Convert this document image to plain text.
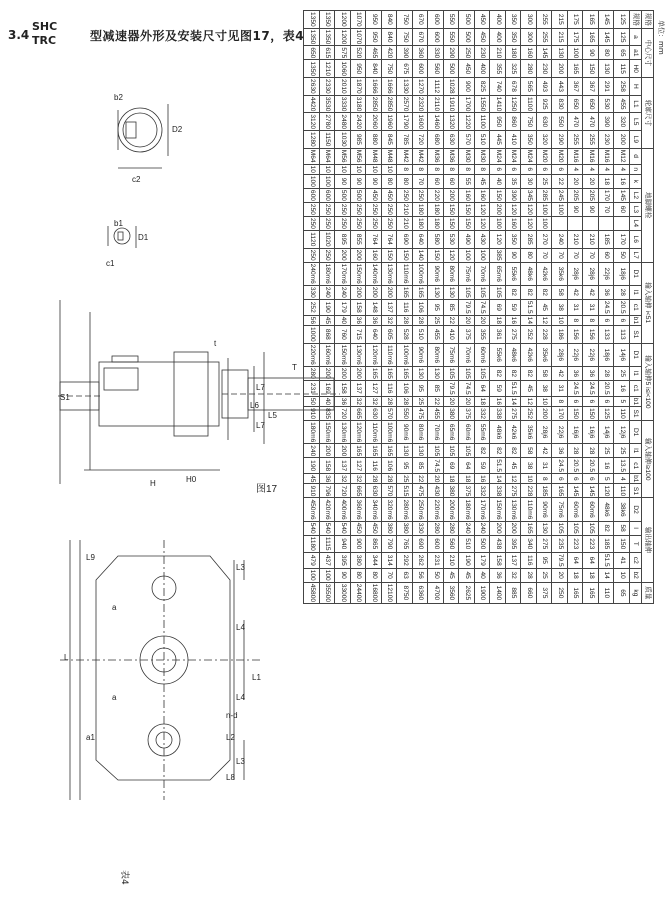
3.4
SHC
TRC	型减速器外形及安装尺寸见图17，表4
图17
L9
a
a
a1
L
L3
L3
L4
L4
L2
L8
L1
n-d
S1
H	H0
T
t
L7
L6
L5
L7
c1
b1
D1
b2
D2
c2
单位：mm
规格	中心尺寸			轮廓尺寸				地脚螺栓								输入轴伸 i<51					输入轴伸5 i≤i<100					输入轴伸i≥100					输出轴伸					质量
规格	a	a1	H0	H	L1	L5	L9	d	n	k	L2	L3	L4	L6	L7	D1	l1	c1	b1	S1	D1	l1	c1	b1	S1	D1	l1	c1	b1	S1	D2	l	T	c2	b2	kg
125	125	65	115	258	455	320	200	M12	4	16	145	60		170	50	18j6	28	20.5	6	113	14j6	25	16	5	110	12j6	25	13.5	4	110	38k6	58	150	41	10	65
145	145	80	130	291	530	390	230	M16	4	18	170	70		185	60	22j6	36	24.5	6	133	18j6	28	20.5	6	125	14j6	25	16	5	120	48k6	82	185	51.5	14	110
165	165	90	150	367	650	470	255	M16	4	20	205	90		210	70	28j6	42	31	8	156	22j6	36	24.5	6	150	16j6	28	20.5	6	145	60m6	105	223	64	18	165
175	175	100	165	367	650	470	255	M16	4	20	205	90		210	70	28j6	42	31	8	156	22j6	36	24.5	6	150	16j6	28	20.5	6	145	60m6	105	223	64	18	165
215	215	130	200	443	830	550	290	M20	6	22	245	100		240	70	35k6	58	38	10	186	28j6	42	31	8	170	22j6	36	24.5	6	165	75m6	105	235	79.5	20	250
255	255	145	230	493	925	630	320	M20	6	25	285	100	100	270	70	42k6	82	45	12	228	35k6	58	38	10	200	28j6	42	31	8	185	90m6	130	275	95	25	375
300	300	160	280	565	1100	750	350	M24	6	30	345	120	120	285	80	48k6	82	51.5	14	252	42k6	82	45	12	252	35k6	58	38	10	228	110m6	165	340	116	28	660
350	350	180	325	678	1250	860	410	M24	6	35	390	120	160	350	90	55k6	82	59	16	275	48k6	82	51.5	14	275	42k6	82	45	12	275	130m6	200	395	137	32	885
400	400	210	355	740	1410	950	445	M24	6	40	150	200	100	120	385	65m6	105	69	18	361	55k6	82	59	16	338	48k6	82	51.5	14	338	150m6	200	438	158	36	1400
450	450	230	400	825	1550	1100	510	M30	8	45	160	120	120	430	100	70m6	105	74.5	20	355	60m6	105	64	18	332	55m6	82	59	16	332	170m6	240	500	179	40	1900
500	500	250	450	900	1700	1220	570	M30	8	55	160	150	150	490	100	75m6	105	79.5	20	375	70m6	105	74.5	20	375	60m6	105	64	18	375	180m6	240	510	190	45	2625
550	550	290	500	1028	1910	1320	630	M36	8	60	200	150	150	530	120	80m6	130	85	22	410	75m6	105	79.5	20	380	65m6	105	69	18	380	200m6	280	560	210	45	3560
600	600	330	560	1112	2110	1460	680	M36	8	60	220	180	180	580	150	90m6	130	95	25	455	80m6	130	85	22	455	70m6	105	74.5	20	430	220m6	280	600	231	50	4700
670	670	360	600	1270	2320	1600	720	M42	8	70	250	180	180	640	140	100m6	165	106	28	510	90m6	130	95	25	475	80m6	130	85	22	475	250m6	330	690	262	56	6360
750	750	390	675	1330	2570	1790	785	M42	8	80	250	210	210	690	150	110m6	165	116	28	528	100m6	165	106	28	550	90m6	130	95	25	515	280m6	380	765	292	63	8750
840	840	420	750	1666	2850	1960	845	M48	10	80	450	250	250	764	150	130m6	200	137	32	605	110m6	165	116	28	570	100m6	165	106	28	570	320m6	380	790	314	70	12100
950	950	465	840	1666	2850	2060	880	M48	10	90	450	250	250	764	160	140m6	200	148	36	640	120m6	165	127	32	630	110m6	165	116	28	630	340m6	450	865	344	80	16800
1070	1070	520	950	1870	3180	2420	985	M56	10	90	500	250	250	855	200	150m6	200	158	36	715	130m6	200	137	32	665	120m6	165	127	32	665	360m6	450	900	380	80	24400
1200	1200	575	1060	2010	3330	2480	1030	M56	10	90	500	250	250	895	200	170m6	240	179	40	760	150m6	200	158	36	720	130m6	200	137	32	720	400m6	540	940	395	90	33000
1350	1350	615	1210	2330	3530	2780	1150	M64	10	100	600	250	250	1020	250	180m6	240	190	45	868	160m6	200	169	40	835	150m6	200	158	36	796	420m6	540	1115	437	100	35500
1350	1350	650	1350	2630	4420	3120	1280	M64	10	100	600	250	250	1120	250	240m6	330	252	56	1000	220m6	280	231	50	910	180m6	240	190	45	910	450m6	540	1180	479	100	45800
表4
